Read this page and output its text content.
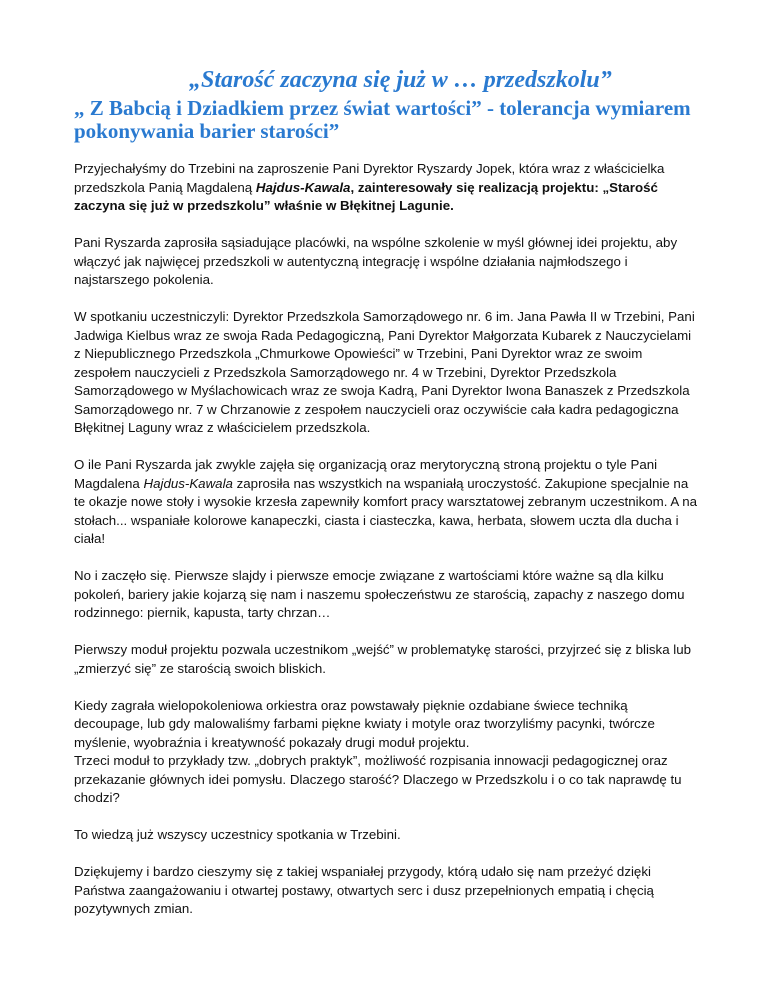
„Starość zaczyna się już w … przedszkolu”
„ Z Babcią i Dziadkiem przez świat wartości” - tolerancja wymiarem pokonywania barier starości”

Przyjechałyśmy do Trzebini na zaproszenie Pani Dyrektor Ryszardy Jopek, która wraz z właścicielka przedszkola Panią Magdaleną Hajdus-Kawala, zainteresowały się realizacją projektu: „Starość zaczyna się już w przedszkolu” właśnie w Błękitnej Lagunie.

Pani Ryszarda zaprosiła sąsiadujące placówki, na wspólne szkolenie w myśl głównej idei projektu, aby włączyć jak najwięcej przedszkoli w autentyczną integrację i wspólne działania najmłodszego i najstarszego pokolenia.

W spotkaniu uczestniczyli: Dyrektor Przedszkola Samorządowego nr. 6 im. Jana Pawła II w Trzebini, Pani Jadwiga Kielbus wraz ze swoja Rada Pedagogiczną, Pani Dyrektor Małgorzata Kubarek z Nauczycielami z Niepublicznego Przedszkola „Chmurkowe Opowieści” w Trzebini, Pani Dyrektor wraz ze swoim zespołem nauczycieli z Przedszkola Samorządowego nr. 4 w Trzebini, Dyrektor Przedszkola Samorządowego w Myślachowicach wraz ze swoja Kadrą, Pani Dyrektor Iwona Banaszek z Przedszkola Samorządowego nr. 7 w Chrzanowie z zespołem nauczycieli oraz oczywiście cała kadra pedagogiczna Błękitnej Laguny wraz z właścicielem przedszkola.

O ile Pani Ryszarda jak zwykle zajęła się organizacją oraz merytoryczną stroną projektu o tyle Pani Magdalena Hajdus-Kawala zaprosiła nas wszystkich na wspaniałą uroczystość. Zakupione specjalnie na te okazje nowe stoły i wysokie krzesła zapewniły komfort pracy warsztatowej zebranym uczestnikom. A na stołach... wspaniałe kolorowe kanapeczki, ciasta i ciasteczka, kawa, herbata, słowem uczta dla ducha i ciała!

No i zaczęło się. Pierwsze slajdy i pierwsze emocje związane z wartościami które ważne są dla kilku pokoleń, bariery jakie kojarzą się nam i naszemu społeczeństwu ze starością, zapachy z naszego domu rodzinnego: piernik, kapusta, tarty chrzan…

Pierwszy moduł projektu pozwala uczestnikom „wejść” w problematykę starości, przyjrzeć się z bliska lub „zmierzyć się” ze starością swoich bliskich.

Kiedy zagrała wielopokoleniowa orkiestra oraz powstawały pięknie ozdabiane świece techniką decoupage, lub gdy malowaliśmy farbami piękne kwiaty i motyle oraz tworzyliśmy pacynki, twórcze myślenie, wyobraźnia i kreatywność pokazały drugi moduł projektu.

Trzeci moduł to przykłady tzw. „dobrych praktyk”, możliwość rozpisania innowacji pedagogicznej oraz przekazanie głównych idei pomysłu. Dlaczego starość? Dlaczego w Przedszkolu i o co tak naprawdę tu chodzi?

To wiedzą już wszyscy uczestnicy spotkania w Trzebini.

Dziękujemy i bardzo cieszymy się z takiej wspaniałej przygody, którą udało się nam przeżyć dzięki Państwa zaangażowaniu i otwartej postawy, otwartych serc i dusz przepełnionych empatią i chęcią pozytywnych zmian.
